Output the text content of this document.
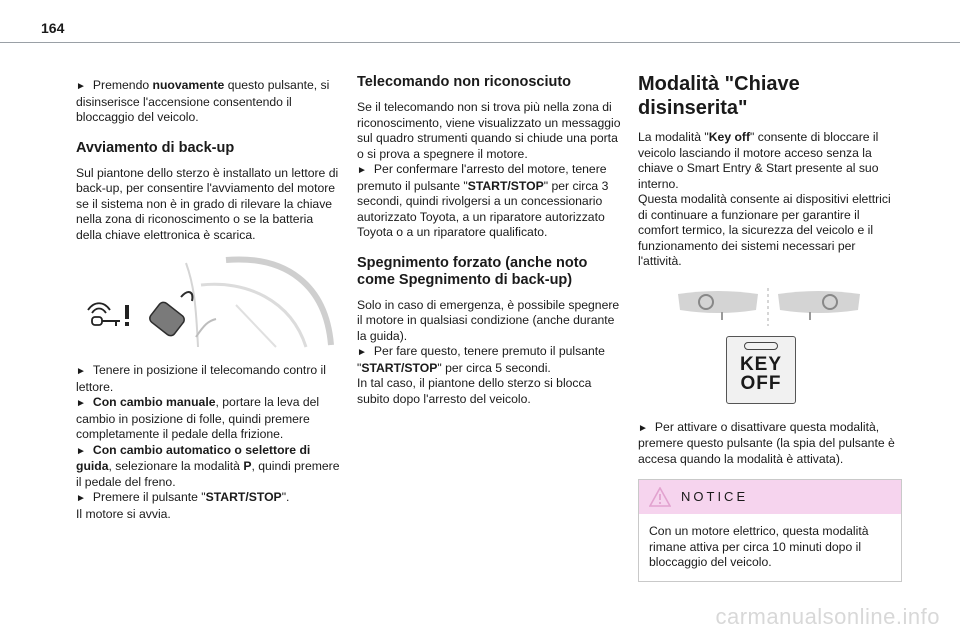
164

► Premendo nuovamente questo pulsante, si disinserisce l'accensione consentendo il bloccaggio del veicolo.

Avviamento di back-up

Sul piantone dello sterzo è installato un lettore di back-up, per consentire l'avviamento del motore se il sistema non è in grado di rilevare la chiave nella zona di riconoscimento o se la batteria della chiave elettronica è scarica.

► Tenere in posizione il telecomando contro il lettore.

► Con cambio manuale, portare la leva del cambio in posizione di folle, quindi premere completamente il pedale della frizione.

► Con cambio automatico o selettore di guida, selezionare la modalità P, quindi premere il pedale del freno.

► Premere il pulsante "START/STOP".

Il motore si avvia.

Telecomando non riconosciuto

Se il telecomando non si trova più nella zona di riconoscimento, viene visualizzato un messaggio sul quadro strumenti quando si chiude una porta o si prova a spegnere il motore.

► Per confermare l'arresto del motore, tenere premuto il pulsante "START/STOP" per circa 3 secondi, quindi rivolgersi a un concessionario autorizzato Toyota, a un riparatore autorizzato Toyota o a un riparatore qualificato.

Spegnimento forzato (anche noto come Spegnimento di back-up)

Solo in caso di emergenza, è possibile spegnere il motore in qualsiasi condizione (anche durante la guida).

► Per fare questo, tenere premuto il pulsante "START/STOP" per circa 5 secondi.

In tal caso, il piantone dello sterzo si blocca subito dopo l'arresto del veicolo.

Modalità "Chiave disinserita"

La modalità "Key off" consente di bloccare il veicolo lasciando il motore acceso senza la chiave o Smart Entry & Start presente al suo interno.

Questa modalità consente ai dispositivi elettrici di continuare a funzionare per garantire il comfort termico, la sicurezza del veicolo e il funzionamento dei sistemi necessari per l'attività.

KEY
OFF

► Per attivare o disattivare questa modalità, premere questo pulsante (la spia del pulsante è accesa quando la modalità è attivata).

NOTICE
Con un motore elettrico, questa modalità rimane attiva per circa 10 minuti dopo il bloccaggio del veicolo.
carmanualsonline.info
